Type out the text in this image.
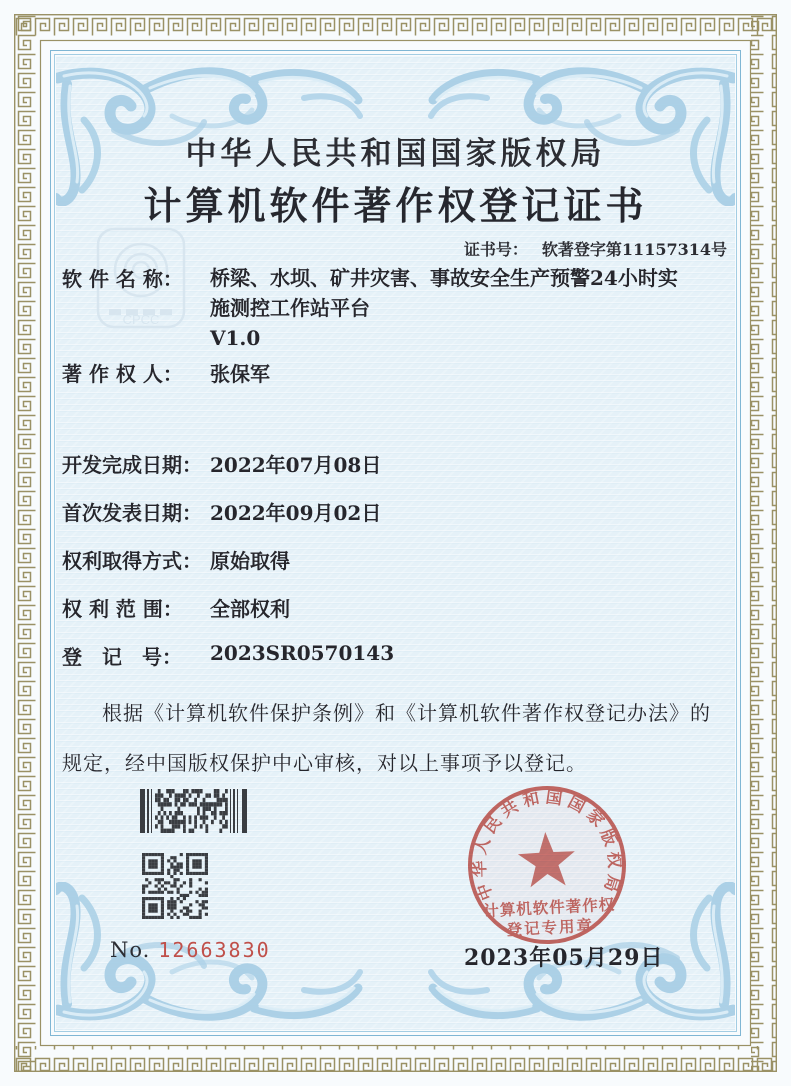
中华人民共和国国家版权局
计算机软件著作权登记证书
证书号： 软著登字第11157314号
软 件 名 称：	桥梁、水坝、矿井灾害、事故安全生产预警24小时实
施测控工作站平台
V1.0
著 作 权 人：	张保军
开发完成日期： 2022年07月08日
首次发表日期： 2022年09月02日
权利取得方式： 原始取得
权 利 范 围：	全部权利
登　记　号：	2023SR0570143
根据《计算机软件保护条例》和《计算机软件著作权登记办法》的规定，经中国版权保护中心审核，对以上事项予以登记。
No. 12663830
中华人民共和国国家版权局
计算机软件著作权
登记专用章
2023年05月29日
